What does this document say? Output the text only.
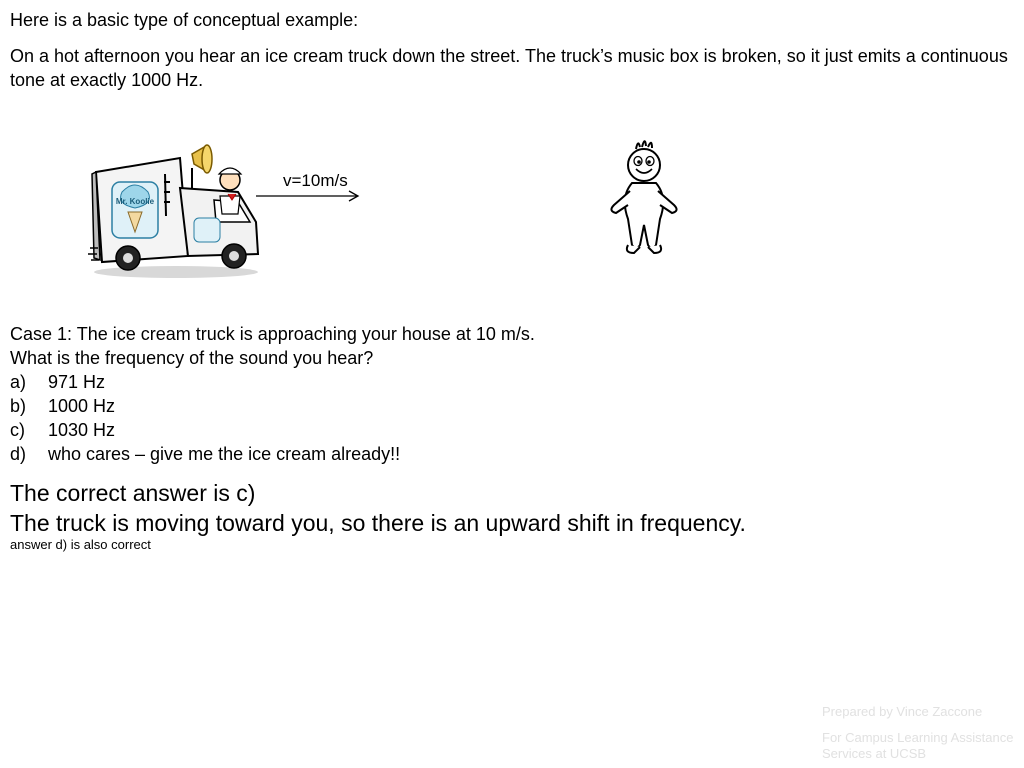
Here is a basic type of conceptual example:

On a hot afternoon you hear an ice cream truck down the street. The truck’s music box is broken, so it just emits a continuous tone at exactly 1000 Hz.

Mr. Koolie
v=10m/s
Case 1: The ice cream truck is approaching your house at 10 m/s.
What is the frequency of the sound you hear?
a)	971 Hz
b)	1000 Hz
c)	1030 Hz
d)	who cares – give me the ice cream already!!
The correct answer is c)
The truck is moving toward you, so there is an upward shift in frequency.
answer d) is also correct
Prepared by Vince Zaccone
For Campus Learning Assistance Services at UCSB
